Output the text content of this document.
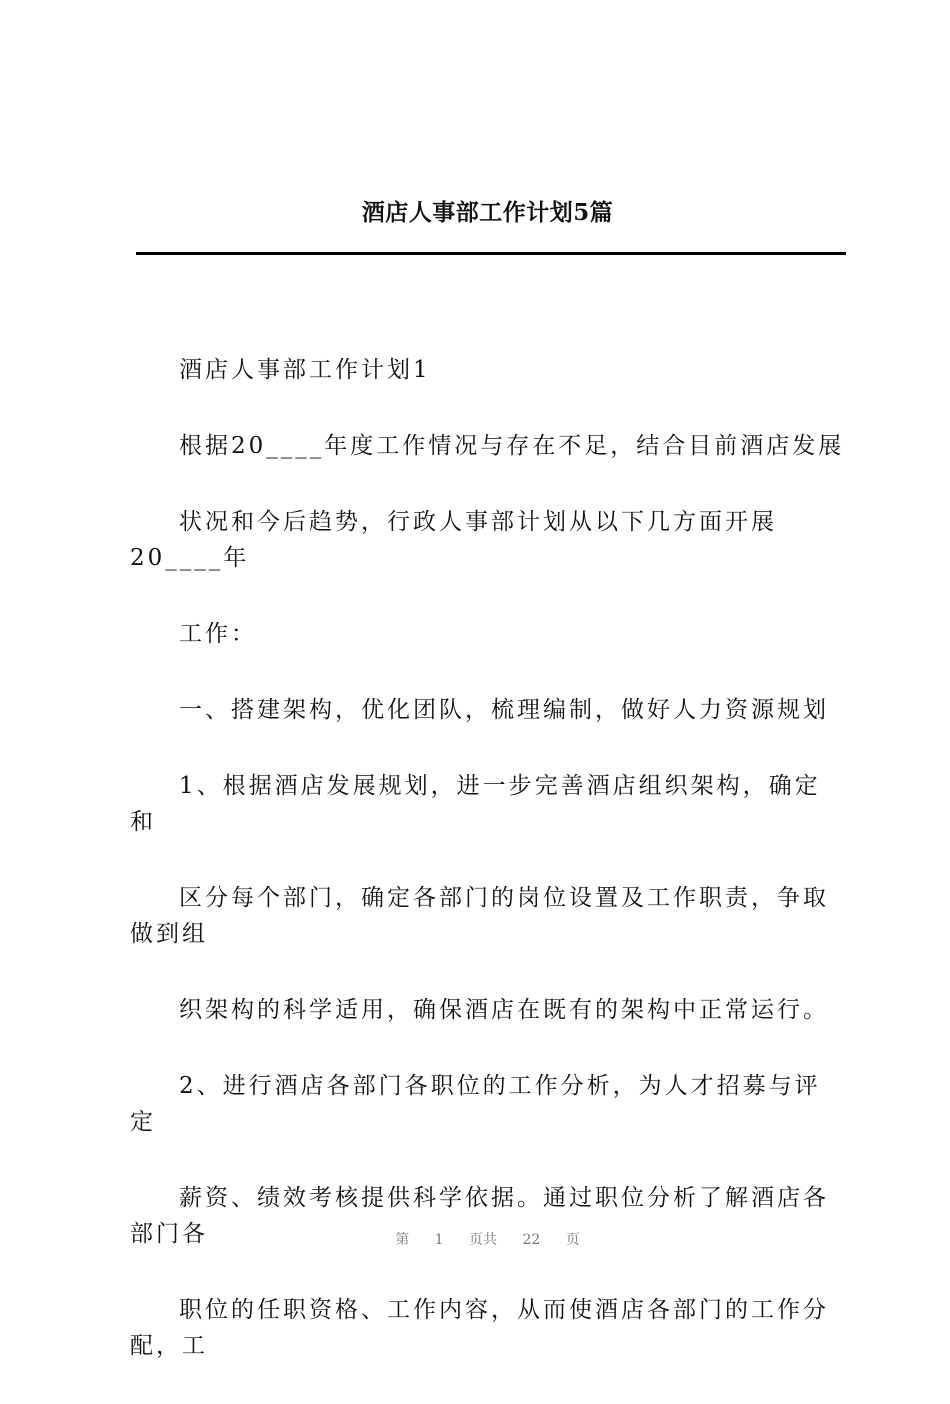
酒店人事部工作计划5篇

酒店人事部工作计划1

根据20____年度工作情况与存在不足，结合目前酒店发展
状况和今后趋势，行政人事部计划从以下几方面开展20____年
工作：

一、搭建架构，优化团队，梳理编制，做好人力资源规划

1、根据酒店发展规划，进一步完善酒店组织架构，确定和
区分每个部门，确定各部门的岗位设置及工作职责，争取做到组
织架构的科学适用，确保酒店在既有的架构中正常运行。

2、进行酒店各部门各职位的工作分析，为人才招募与评定
薪资、绩效考核提供科学依据。通过职位分析了解酒店各部门各
职位的任职资格、工作内容，从而使酒店各部门的工作分配，工

第 1 页共 22 页
